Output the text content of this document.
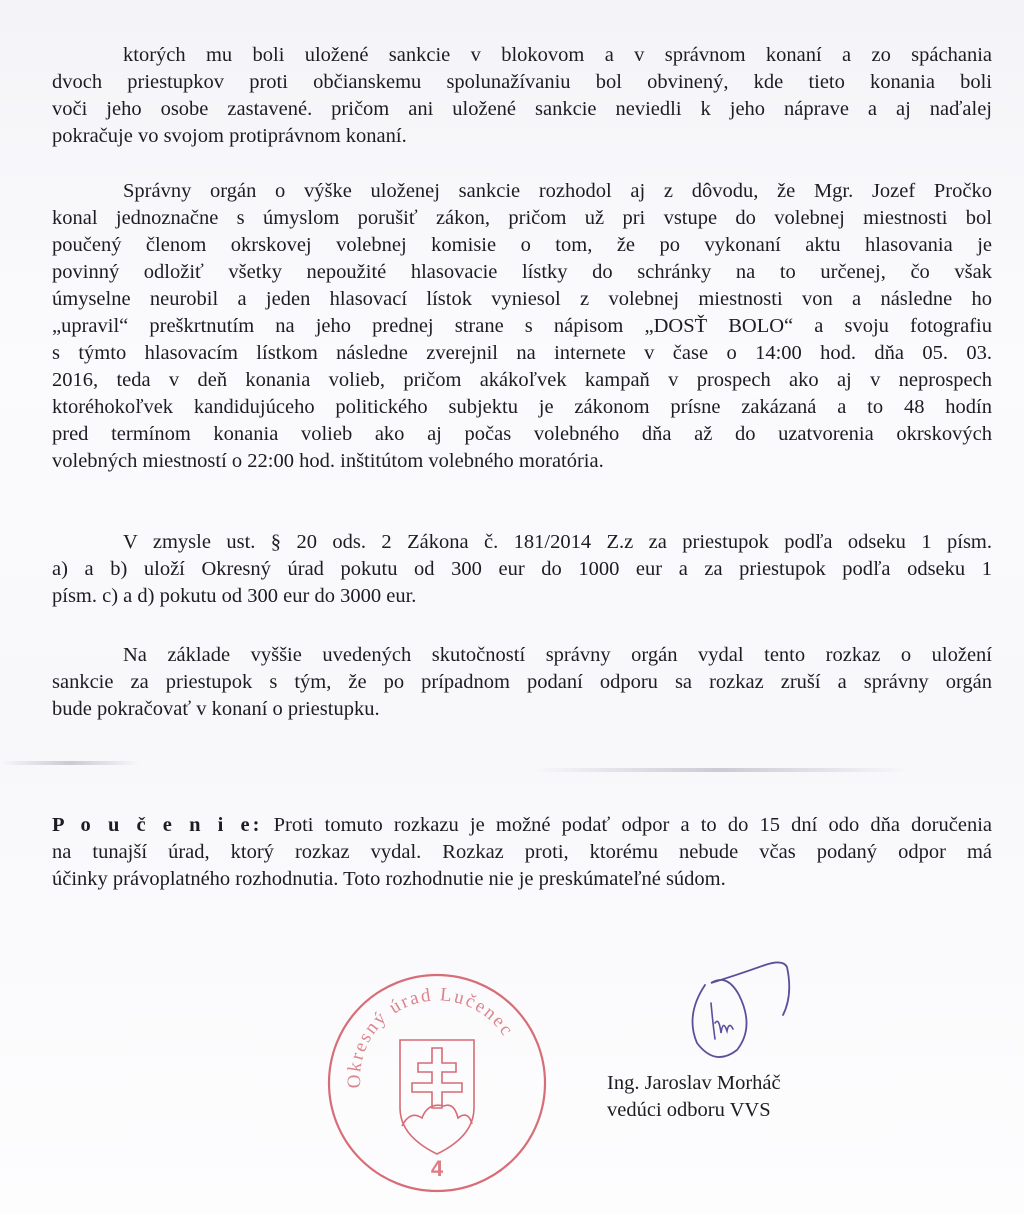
ktorých mu boli uložené sankcie v blokovom a v správnom konaní a zo spáchania
dvoch priestupkov proti občianskemu spolunažívaniu bol obvinený, kde tieto konania boli
voči jeho osobe zastavené. pričom ani uložené sankcie neviedli k jeho náprave a aj naďalej
pokračuje vo svojom protiprávnom konaní.
Správny orgán o výške uloženej sankcie rozhodol aj z dôvodu, že Mgr. Jozef Pročko
konal jednoznačne s úmyslom porušiť zákon, pričom už pri vstupe do volebnej miestnosti bol
poučený členom okrskovej volebnej komisie o tom, že po vykonaní aktu hlasovania je
povinný odložiť všetky nepoužité hlasovacie lístky do schránky na to určenej, čo však
úmyselne neurobil a jeden hlasovací lístok vyniesol z volebnej miestnosti von a následne ho
„upravil“ preškrtnutím na jeho prednej strane s nápisom „DOSŤ BOLO“ a svoju fotografiu
s týmto hlasovacím lístkom následne zverejnil na internete v čase o 14:00 hod. dňa 05. 03.
2016, teda v deň konania volieb, pričom akákoľvek kampaň v prospech ako aj v neprospech
ktoréhokoľvek kandidujúceho politického subjektu je zákonom prísne zakázaná a to 48 hodín
pred termínom konania volieb ako aj počas volebného dňa až do uzatvorenia okrskových
volebných miestností o 22:00 hod. inštitútom volebného moratória.
V zmysle ust. § 20 ods. 2 Zákona č. 181/2014 Z.z za priestupok podľa odseku 1 písm.
a) a b) uloží Okresný úrad pokutu od 300 eur do 1000 eur a za priestupok podľa odseku 1
písm. c) a d) pokutu od 300 eur do 3000 eur.
Na základe vyššie uvedených skutočností správny orgán vydal tento rozkaz o uložení
sankcie za priestupok s tým, že po prípadnom podaní odporu sa rozkaz zruší a správny orgán
bude pokračovať v konaní o priestupku.
P o u č e n i e: Proti tomuto rozkazu je možné podať odpor a to do 15 dní odo dňa doručenia
na tunajší úrad, ktorý rozkaz vydal. Rozkaz proti, ktorému nebude včas podaný odpor má
účinky právoplatného rozhodnutia. Toto rozhodnutie nie je preskúmateľné súdom.
Okresný úrad Lučenec
4
Ing. Jaroslav Morháč
vedúci odboru VVS
